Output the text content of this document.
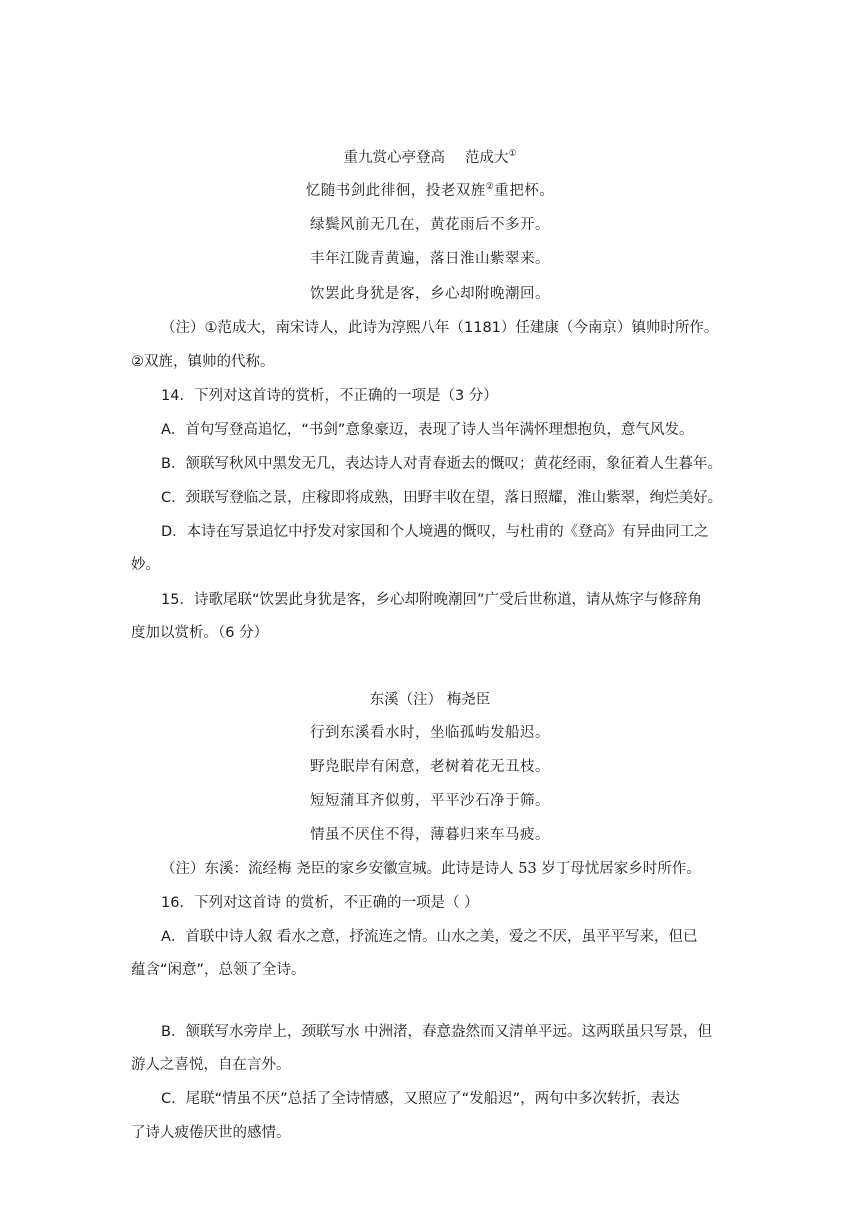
重九赏心亭登高 范成大①
忆随书剑此徘徊，投老双旌②重把杯。
绿鬓风前无几在，黄花雨后不多开。
丰年江陇青黄遍，落日淮山紫翠来。
饮罢此身犹是客，乡心却附晚潮回。
（注）①范成大，南宋诗人，此诗为淳熙八年（1181）任建康（今南京）镇帅时所作。
②双旌，镇帅的代称。
14．下列对这首诗的赏析，不正确的一项是（3 分）
A．首句写登高追忆，“书剑”意象豪迈，表现了诗人当年满怀理想抱负，意气风发。
B．颔联写秋风中黑发无几，表达诗人对青春逝去的慨叹；黄花经雨，象征着人生暮年。
C．颈联写登临之景，庄稼即将成熟，田野丰收在望，落日照耀，淮山紫翠，绚烂美好。
D．本诗在写景追忆中抒发对家国和个人境遇的慨叹，与杜甫的《登高》有异曲同工之
妙。
15．诗歌尾联“饮罢此身犹是客，乡心却附晚潮回”广受后世称道，请从炼字与修辞角
度加以赏析。（6 分）
东溪（注） 梅尧臣
行到东溪看水时，坐临孤屿发船迟。
野凫眠岸有闲意，老树着花无丑枝。
短短蒲耳齐似剪，平平沙石净于筛。
情虽不厌住不得，薄暮归来车马疲。
（注）东溪：流经梅 尧臣的家乡安徽宣城。此诗是诗人 53 岁丁母忧居家乡时所作。
16．下列对这首诗 的赏析，不正确的一项是（ ）
A．首联中诗人叙 看水之意，抒流连之情。山水之美，爱之不厌，虽平平写来，但已
蕴含“闲意”，总领了全诗。
B．颔联写水旁岸上，颈联写水 中洲渚，春意盎然而又清单平远。这两联虽只写景，但
游人之喜悦，自在言外。
C．尾联“情虽不厌”总括了全诗情感，又照应了“发船迟”，两句中多次转折，表达
了诗人疲倦厌世的感情。
